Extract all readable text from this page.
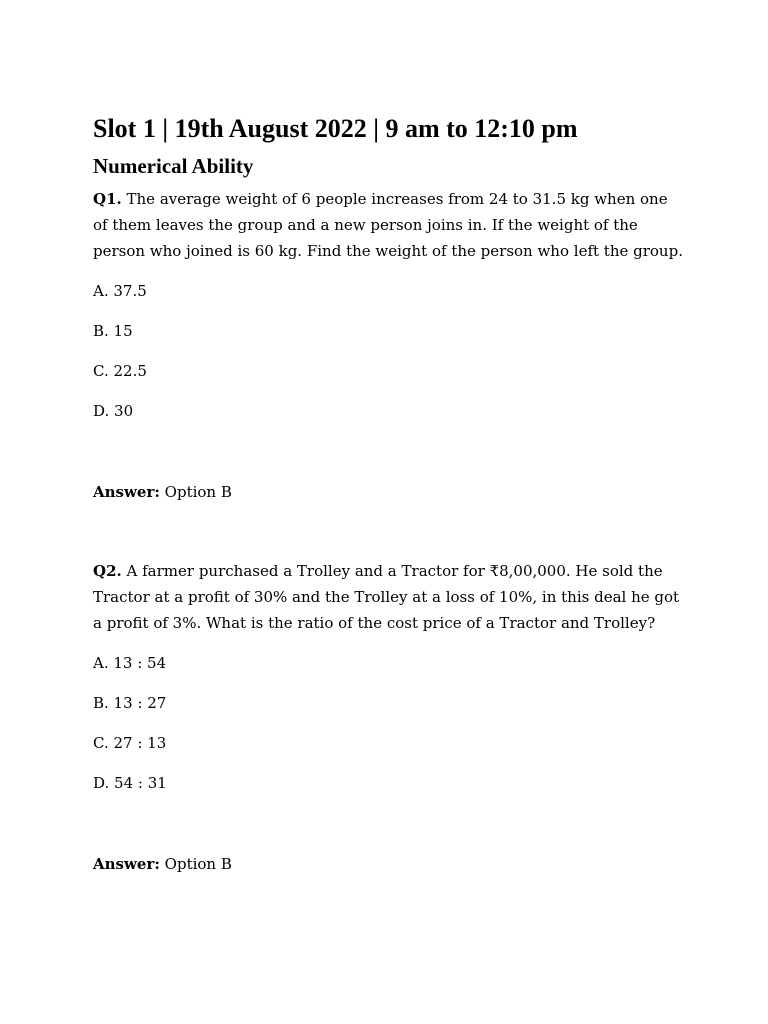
Slot 1 | 19th August 2022 | 9 am to 12:10 pm
Numerical Ability

Q1. The average weight of 6 people increases from 24 to 31.5 kg when one of them leaves the group and a new person joins in. If the weight of the person who joined is 60 kg. Find the weight of the person who left the group.

A. 37.5

B. 15

C. 22.5

D. 30

Answer: Option B

Q2. A farmer purchased a Trolley and a Tractor for ₹8,00,000. He sold the Tractor at a profit of 30% and the Trolley at a loss of 10%, in this deal he got a profit of 3%. What is the ratio of the cost price of a Tractor and Trolley?

A. 13 : 54

B. 13 : 27

C. 27 : 13

D. 54 : 31

Answer: Option B
